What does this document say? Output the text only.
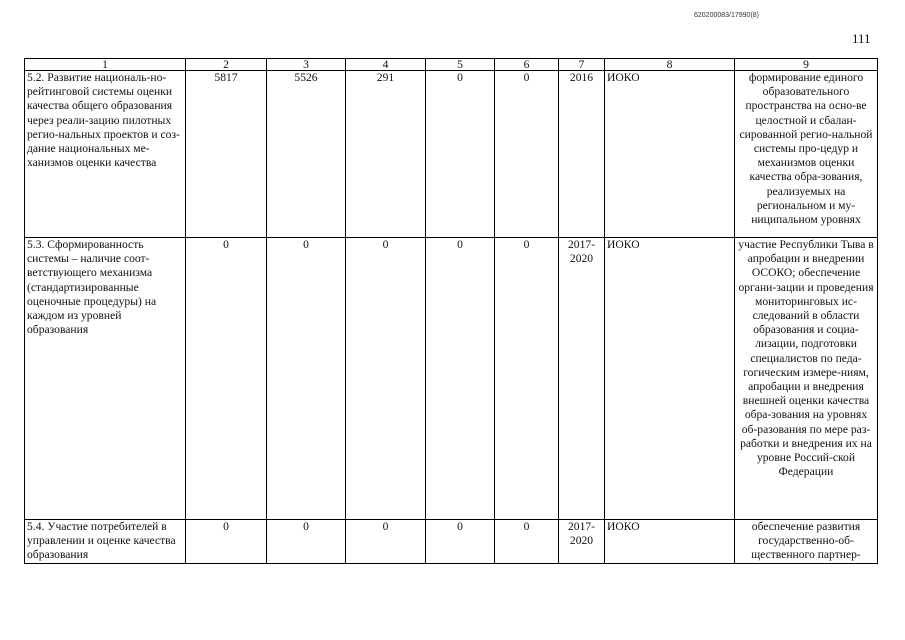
620200083/17990(8)
111
1	2	3	4	5	6	7	8	9
5.2. Развитие националь-но-рейтинговой системы оценки качества общего образования через реали-зацию пилотных регио-нальных проектов и соз-дание национальных ме-ханизмов оценки качества	5817	5526	291	0	0	2016	ИОКО	формирование единого образовательного пространства на осно-ве целостной и сбалан-сированной регио-нальной системы про-цедур и механизмов оценки качества обра-зования, реализуемых на региональном и му-ниципальном уровнях
5.3. Сформированность системы – наличие соот-ветствующего механизма (стандартизированные оценочные процедуры) на каждом из уровней образования	0	0	0	0	0	2017-2020	ИОКО	участие Республики Тыва в апробации и внедрении ОСОКО; обеспечение органи-зации и проведения мониторинговых ис-следований в области образования и социа-лизации, подготовки специалистов по педа-гогическим измере-ниям, апробации и внедрения внешней оценки качества обра-зования на уровнях об-разования по мере раз-работки и внедрения их на уровне Россий-ской Федерации
5.4. Участие потребителей в управлении и оценке качества образования	0	0	0	0	0	2017-2020	ИОКО	обеспечение развития государственно-об-щественного партнер-
